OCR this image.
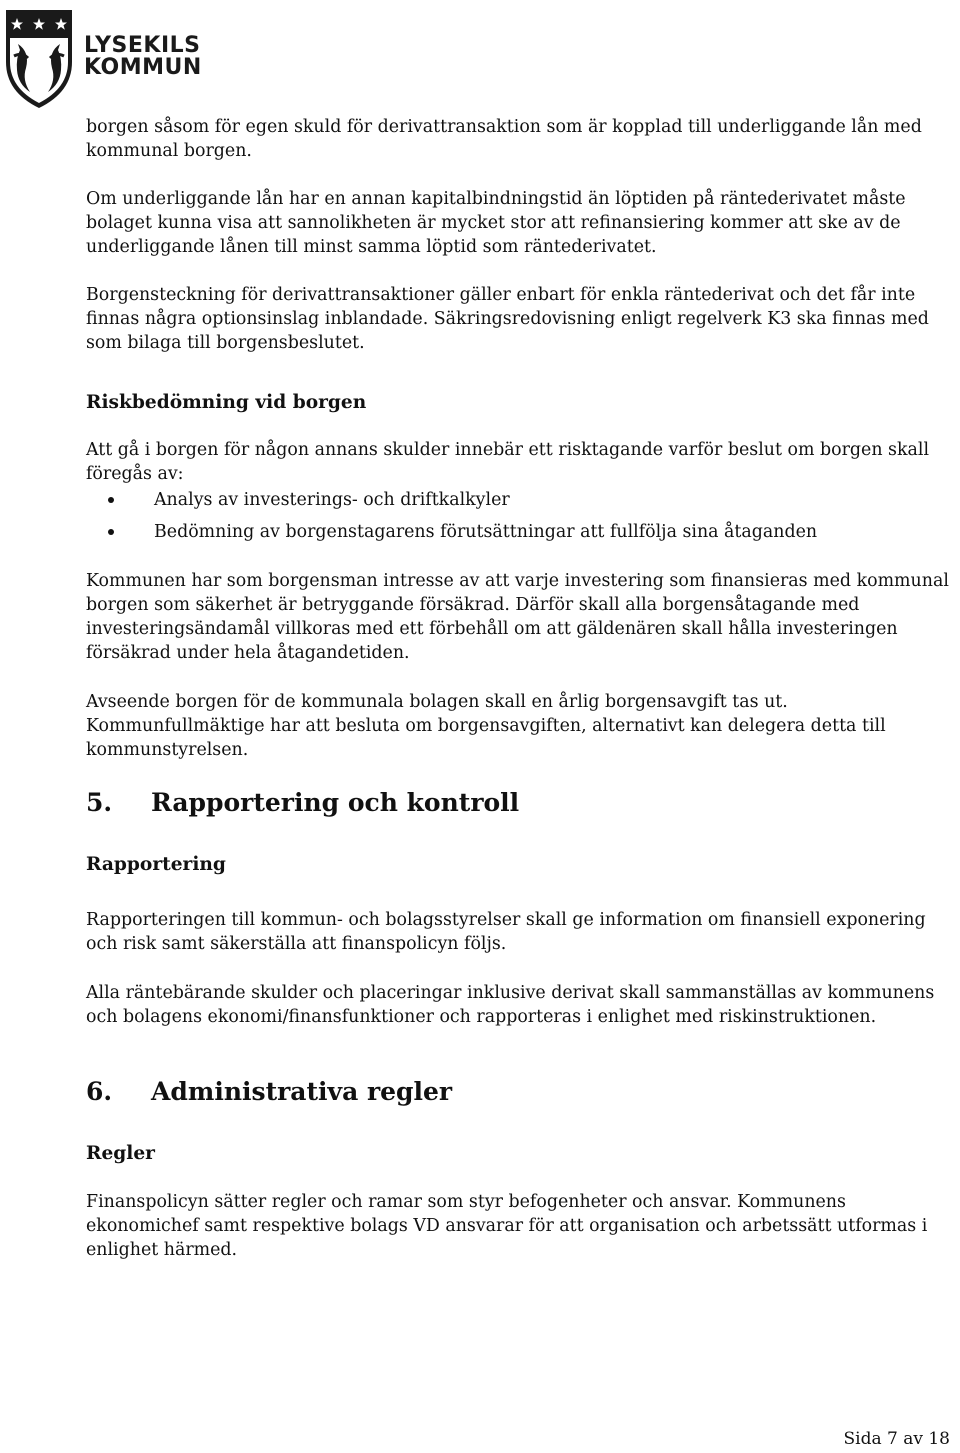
LYSEKILS
KOMMUN

borgen såsom för egen skuld för derivattransaktion som är kopplad till underliggande lån med kommunal borgen.

Om underliggande lån har en annan kapitalbindningstid än löptiden på räntederivatet måste bolaget kunna visa att sannolikheten är mycket stor att refinansiering kommer att ske av de underliggande lånen till minst samma löptid som räntederivatet.

Borgensteckning för derivattransaktioner gäller enbart för enkla räntederivat och det får inte finnas några optionsinslag inblandade. Säkringsredovisning enligt regelverk K3 ska finnas med som bilaga till borgensbeslutet.

Riskbedömning vid borgen

Att gå i borgen för någon annans skulder innebär ett risktagande varför beslut om borgen skall föregås av:

Analys av investerings- och driftkalkyler
Bedömning av borgenstagarens förutsättningar att fullfölja sina åtaganden

Kommunen har som borgensman intresse av att varje investering som finansieras med kommunal borgen som säkerhet är betryggande försäkrad. Därför skall alla borgensåtagande med investeringsändamål villkoras med ett förbehåll om att gäldenären skall hålla investeringen försäkrad under hela åtagandetiden.

Avseende borgen för de kommunala bolagen skall en årlig borgensavgift tas ut. Kommunfullmäktige har att besluta om borgensavgiften, alternativt kan delegera detta till kommunstyrelsen.

5. Rapportering och kontroll
Rapportering

Rapporteringen till kommun- och bolagsstyrelser skall ge information om finansiell exponering och risk samt säkerställa att finanspolicyn följs.

Alla räntebärande skulder och placeringar inklusive derivat skall sammanställas av kommunens och bolagens ekonomi/finansfunktioner och rapporteras i enlighet med riskinstruktionen.

6. Administrativa regler
Regler

Finanspolicyn sätter regler och ramar som styr befogenheter och ansvar. Kommunens ekonomichef samt respektive bolags VD ansvarar för att organisation och arbetssätt utformas i enlighet härmed.

Sida 7 av 18
